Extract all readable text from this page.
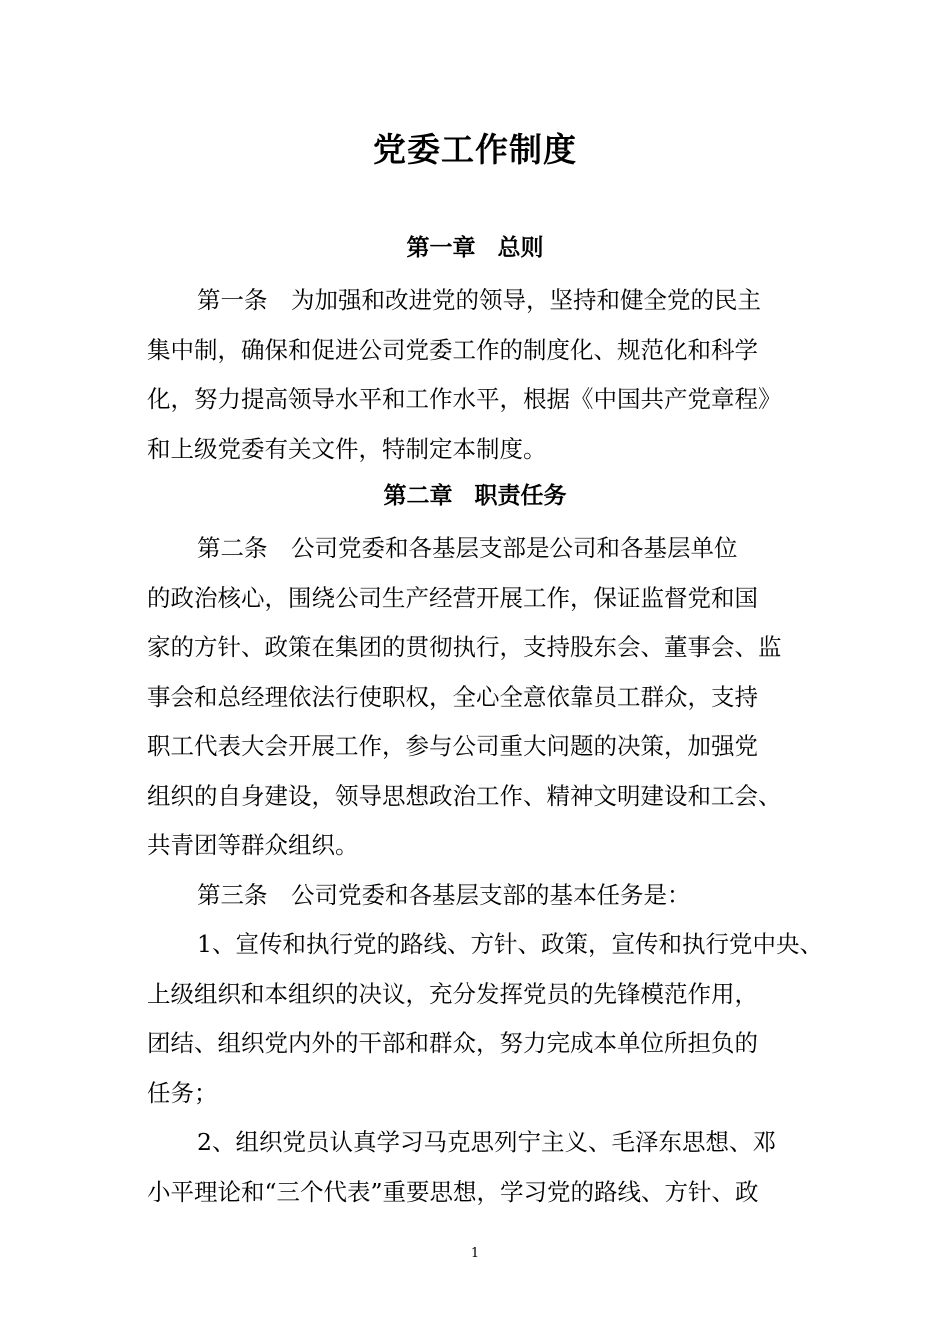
党委工作制度
第一章 总则
第一条　为加强和改进党的领导，坚持和健全党的民主
集中制，确保和促进公司党委工作的制度化、规范化和科学
化，努力提高领导水平和工作水平，根据《中国共产党章程》
和上级党委有关文件，特制定本制度。
第二章 职责任务
第二条　公司党委和各基层支部是公司和各基层单位
的政治核心，围绕公司生产经营开展工作，保证监督党和国
家的方针、政策在集团的贯彻执行，支持股东会、董事会、监
事会和总经理依法行使职权，全心全意依靠员工群众，支持
职工代表大会开展工作，参与公司重大问题的决策，加强党
组织的自身建设，领导思想政治工作、精神文明建设和工会、
共青团等群众组织。
第三条　公司党委和各基层支部的基本任务是：
1、宣传和执行党的路线、方针、政策，宣传和执行党中央、
上级组织和本组织的决议，充分发挥党员的先锋模范作用，
团结、组织党内外的干部和群众，努力完成本单位所担负的
任务；
2、组织党员认真学习马克思列宁主义、毛泽东思想、邓
小平理论和“三个代表”重要思想，学习党的路线、方针、政
1
